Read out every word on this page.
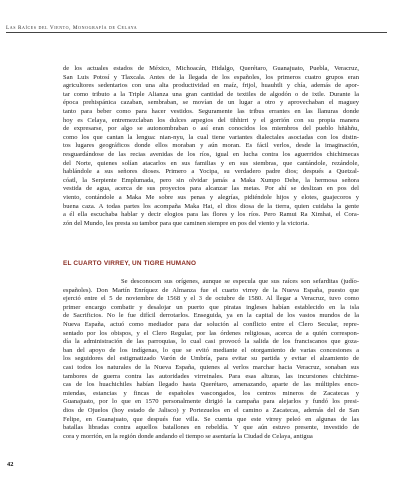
Las Raíces del Viento, Monografía de Celaya
de los actuales estados de México, Michoacán, Hidalgo, Querétaro, Guanajuato, Puebla, Veracruz,
San Luis Potosí y Tlaxcala. Antes de la llegada de los españoles, los primeros cuatro grupos eran
agricultores sedentarios con una alta productividad en maíz, frijol, huauhtli y chía, además de apor-
tar como tributo a la Triple Alianza una gran cantidad de textiles de algodón o de ixtle. Durante la
época prehispánica cazaban, sembraban, se movían de un lugar a otro y aprovechaban el maguey
tanto para beber como para hacer vestidos. Seguramente las tribus errantes en las llanuras donde
hoy es Celaya, entremezclaban los dulces arpegios del tihhirri y el gorrión con su propia manera
de expresarse, por algo se autonombraban o así eran conocidos los miembros del pueblo hñähñu,
como los que cantan la lengua: nian-nyu, la cual tiene variantes dialectales asociadas con los distin-
tos lugares geográficos donde ellos moraban y aún moran. Es fácil verlos, desde la imaginación,
resguardándose de las recias avenidas de los ríos, igual en lucha contra los aguerridos chichimecas
del Norte, quienes solían atacarlos en sus familias y en sus siembras, que cantándole, rezándole,
hablándole a sus señores dioses. Primero a Yocipa, su verdadero padre dios; después a Quetzal-
cóatl, la Serpiente Emplumada, pero sin olvidar jamás a Maka Xumpo Dehe, la hermosa señora
vestida de agua, acerca de sus proyectos para alcanzar las metas. Por ahí se deslizan en pos del
viento, contándole a Maka Me sobre sus penas y alegrías, pidiéndole hijos y elotes, guajecoros y
buena caza. A todas partes los acompaña Maka Hai, el dios diosa de la tierra, quien cuidaba la gente
a él ella escuchaba hablar y decir elogios para las flores y los ríos. Pero Ramui Ra Ximhai, el Cora-
zón del Mundo, les presta su tambor para que caminen siempre en pos del viento y la victoria.
EL CUARTO VIRREY, UN TIGRE HUMANO
Se desconocen sus orígenes, aunque se especula que sus raíces son sefarditas (judío-
españoles). Don Martín Enríquez de Almanza fue el cuarto virrey de la Nueva España, puesto que
ejerció entre el 5 de noviembre de 1568 y el 3 de octubre de 1580. Al llegar a Veracruz, tuvo como
primer encargo combatir y desalojar un puerto que piratas ingleses habían establecido en la isla
de Sacrificios. No le fue difícil derrotarlos. Enseguida, ya en la capital de los vastos mundos de la
Nueva España, actuó como mediador para dar solución al conflicto entre el Clero Secular, repre-
sentado por los obispos, y el Clero Regular, por las órdenes religiosas, acerca de a quién correspon-
día la administración de las parroquias, lo cual casi provocó la salida de los franciscanos que goza-
ban del apoyo de los indígenas, lo que se evitó mediante el otorgamiento de varias concesiones a
los seguidores del estigmatizado Varón de Umbría, para evitar su partida y evitar el alzamiento de
casi todos los naturales de la Nueva España, quienes al verlos marchar hacia Veracruz, sonaban sus
tambores de guerra contra las autoridades virreinales. Para esas alturas, las incursiones chichime-
cas de los huachichiles habían llegado hasta Querétaro, amenazando, aparte de las múltiples enco-
miendas, estancias y fincas de españoles vascongados, los centros mineros de Zacatecas y
Guanajuato, por lo que en 1570 personalmente dirigió la campaña para alejarlos y fundó los presi-
dios de Ojuelos (hoy estado de Jalisco) y Portezuelos en el camino a Zacatecas, además del de San
Felipe, en Guanajuato, que después fue villa. Se cuenta que este virrey peleó en algunas de las
batallas libradas contra aquellos batallones en rebeldía. Y que aún estuvo presente, investido de
cora y morrión, en la región donde andando el tiempo se asentaría la Ciudad de Celaya, antigua
42
